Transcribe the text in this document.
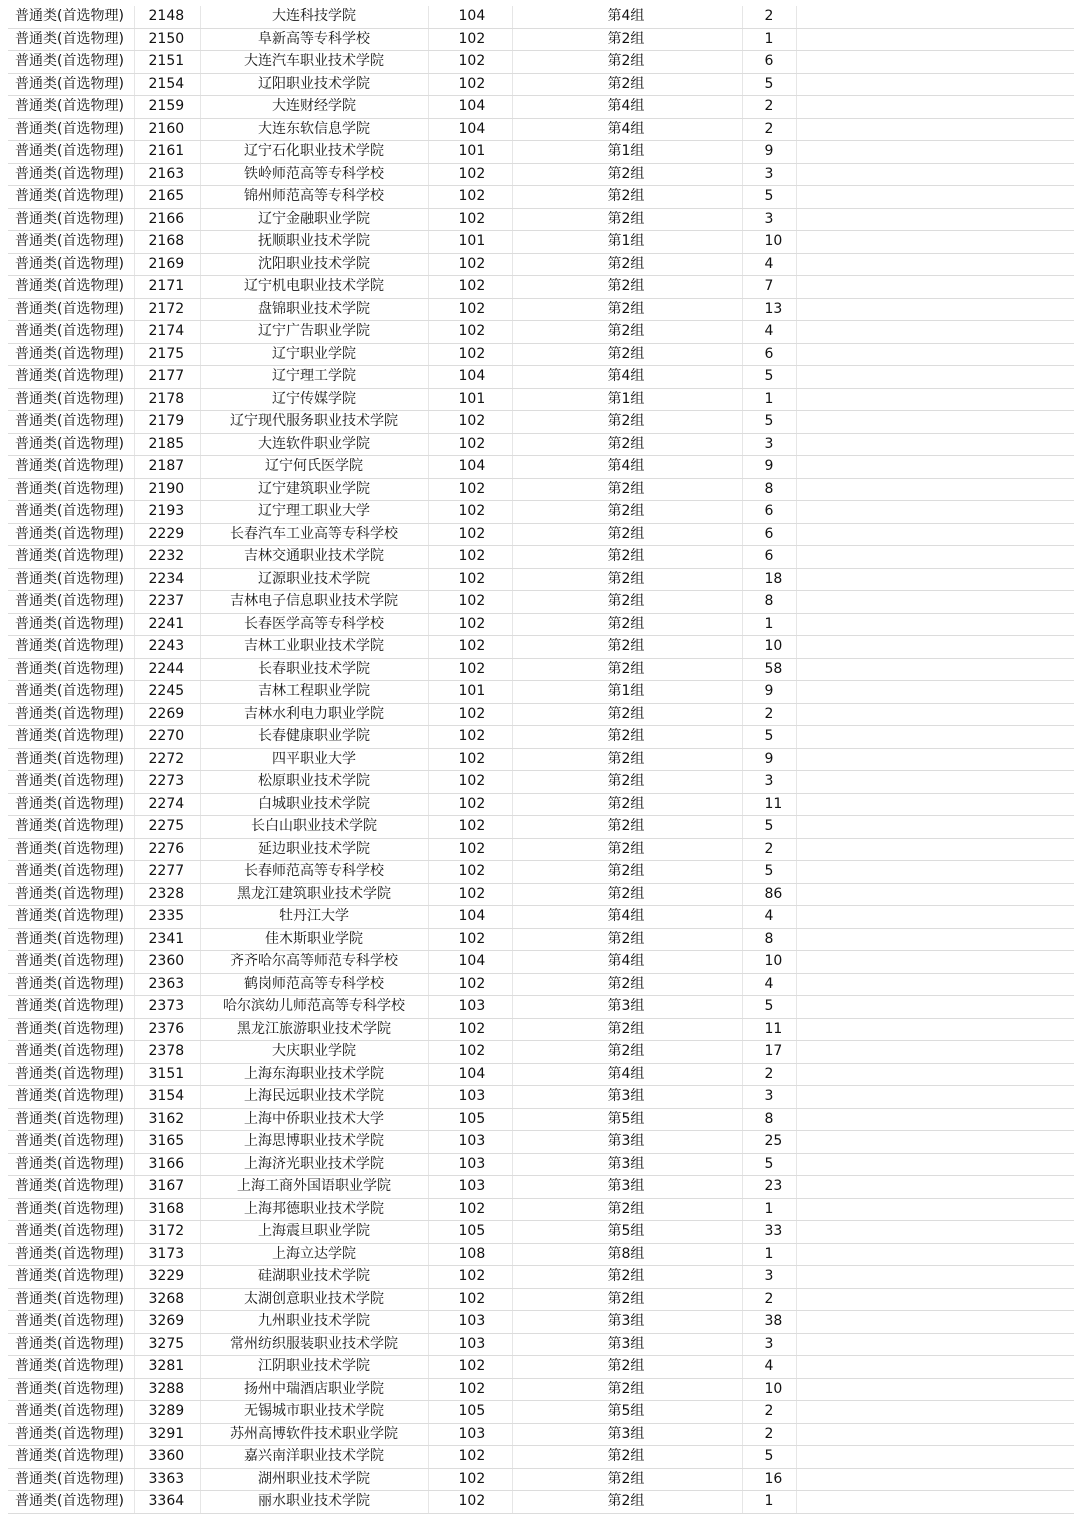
普通类(首选物理)	2148	大连科技学院	104	第4组	2	
普通类(首选物理)	2150	阜新高等专科学校	102	第2组	1	
普通类(首选物理)	2151	大连汽车职业技术学院	102	第2组	6	
普通类(首选物理)	2154	辽阳职业技术学院	102	第2组	5	
普通类(首选物理)	2159	大连财经学院	104	第4组	2	
普通类(首选物理)	2160	大连东软信息学院	104	第4组	2	
普通类(首选物理)	2161	辽宁石化职业技术学院	101	第1组	9	
普通类(首选物理)	2163	铁岭师范高等专科学校	102	第2组	3	
普通类(首选物理)	2165	锦州师范高等专科学校	102	第2组	5	
普通类(首选物理)	2166	辽宁金融职业学院	102	第2组	3	
普通类(首选物理)	2168	抚顺职业技术学院	101	第1组	10	
普通类(首选物理)	2169	沈阳职业技术学院	102	第2组	4	
普通类(首选物理)	2171	辽宁机电职业技术学院	102	第2组	7	
普通类(首选物理)	2172	盘锦职业技术学院	102	第2组	13	
普通类(首选物理)	2174	辽宁广告职业学院	102	第2组	4	
普通类(首选物理)	2175	辽宁职业学院	102	第2组	6	
普通类(首选物理)	2177	辽宁理工学院	104	第4组	5	
普通类(首选物理)	2178	辽宁传媒学院	101	第1组	1	
普通类(首选物理)	2179	辽宁现代服务职业技术学院	102	第2组	5	
普通类(首选物理)	2185	大连软件职业学院	102	第2组	3	
普通类(首选物理)	2187	辽宁何氏医学院	104	第4组	9	
普通类(首选物理)	2190	辽宁建筑职业学院	102	第2组	8	
普通类(首选物理)	2193	辽宁理工职业大学	102	第2组	6	
普通类(首选物理)	2229	长春汽车工业高等专科学校	102	第2组	6	
普通类(首选物理)	2232	吉林交通职业技术学院	102	第2组	6	
普通类(首选物理)	2234	辽源职业技术学院	102	第2组	18	
普通类(首选物理)	2237	吉林电子信息职业技术学院	102	第2组	8	
普通类(首选物理)	2241	长春医学高等专科学校	102	第2组	1	
普通类(首选物理)	2243	吉林工业职业技术学院	102	第2组	10	
普通类(首选物理)	2244	长春职业技术学院	102	第2组	58	
普通类(首选物理)	2245	吉林工程职业学院	101	第1组	9	
普通类(首选物理)	2269	吉林水利电力职业学院	102	第2组	2	
普通类(首选物理)	2270	长春健康职业学院	102	第2组	5	
普通类(首选物理)	2272	四平职业大学	102	第2组	9	
普通类(首选物理)	2273	松原职业技术学院	102	第2组	3	
普通类(首选物理)	2274	白城职业技术学院	102	第2组	11	
普通类(首选物理)	2275	长白山职业技术学院	102	第2组	5	
普通类(首选物理)	2276	延边职业技术学院	102	第2组	2	
普通类(首选物理)	2277	长春师范高等专科学校	102	第2组	5	
普通类(首选物理)	2328	黑龙江建筑职业技术学院	102	第2组	86	
普通类(首选物理)	2335	牡丹江大学	104	第4组	4	
普通类(首选物理)	2341	佳木斯职业学院	102	第2组	8	
普通类(首选物理)	2360	齐齐哈尔高等师范专科学校	104	第4组	10	
普通类(首选物理)	2363	鹤岗师范高等专科学校	102	第2组	4	
普通类(首选物理)	2373	哈尔滨幼儿师范高等专科学校	103	第3组	5	
普通类(首选物理)	2376	黑龙江旅游职业技术学院	102	第2组	11	
普通类(首选物理)	2378	大庆职业学院	102	第2组	17	
普通类(首选物理)	3151	上海东海职业技术学院	104	第4组	2	
普通类(首选物理)	3154	上海民远职业技术学院	103	第3组	3	
普通类(首选物理)	3162	上海中侨职业技术大学	105	第5组	8	
普通类(首选物理)	3165	上海思博职业技术学院	103	第3组	25	
普通类(首选物理)	3166	上海济光职业技术学院	103	第3组	5	
普通类(首选物理)	3167	上海工商外国语职业学院	103	第3组	23	
普通类(首选物理)	3168	上海邦德职业技术学院	102	第2组	1	
普通类(首选物理)	3172	上海震旦职业学院	105	第5组	33	
普通类(首选物理)	3173	上海立达学院	108	第8组	1	
普通类(首选物理)	3229	硅湖职业技术学院	102	第2组	3	
普通类(首选物理)	3268	太湖创意职业技术学院	102	第2组	2	
普通类(首选物理)	3269	九州职业技术学院	103	第3组	38	
普通类(首选物理)	3275	常州纺织服装职业技术学院	103	第3组	3	
普通类(首选物理)	3281	江阴职业技术学院	102	第2组	4	
普通类(首选物理)	3288	扬州中瑞酒店职业学院	102	第2组	10	
普通类(首选物理)	3289	无锡城市职业技术学院	105	第5组	2	
普通类(首选物理)	3291	苏州高博软件技术职业学院	103	第3组	2	
普通类(首选物理)	3360	嘉兴南洋职业技术学院	102	第2组	5	
普通类(首选物理)	3363	湖州职业技术学院	102	第2组	16	
普通类(首选物理)	3364	丽水职业技术学院	102	第2组	1	
